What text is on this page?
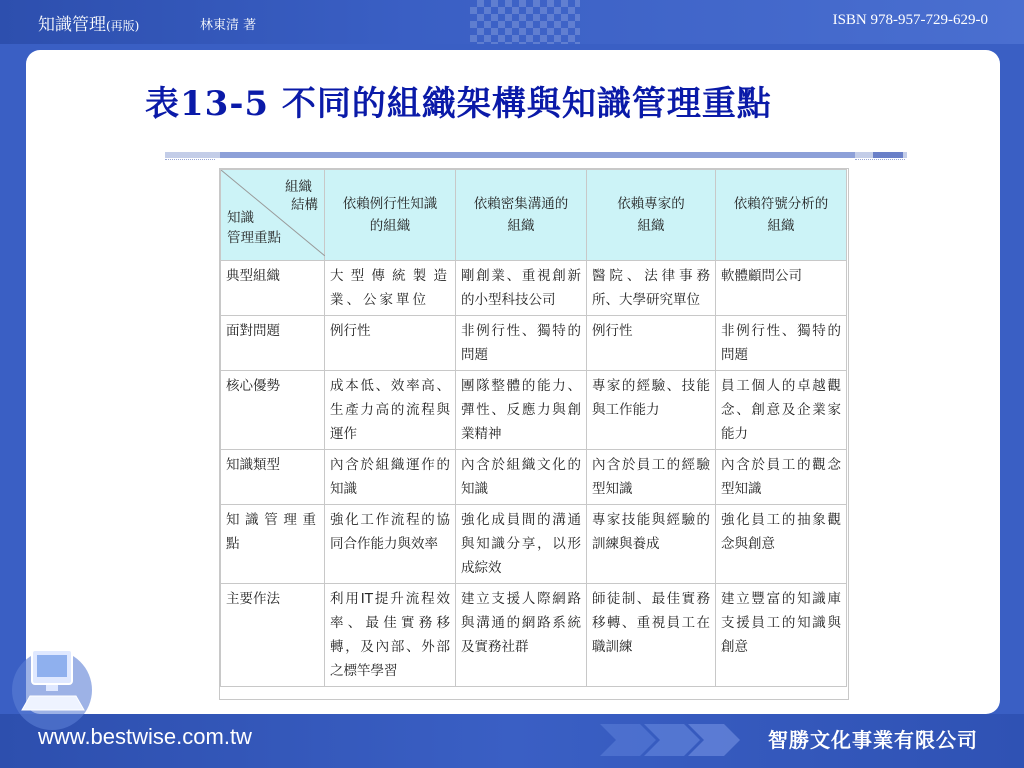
知識管理(再版)	林東清 著	ISBN 978-957-729-629-0
表13-5 不同的組織架構與知識管理重點
組織
結構
知識
管理重點	依賴例行性知識的組織	依賴密集溝通的組織	依賴專家的組織	依賴符號分析的組織

典型組織	大型傳統製造業、公家單位	剛創業、重視創新的小型科技公司	醫院、法律事務所、大學研究單位	軟體顧問公司
面對問題	例行性	非例行性、獨特的問題	例行性	非例行性、獨特的問題
核心優勢	成本低、效率高、生產力高的流程與運作	團隊整體的能力、彈性、反應力與創業精神	專家的經驗、技能與工作能力	員工個人的卓越觀念、創意及企業家能力
知識類型	內含於組織運作的知識	內含於組織文化的知識	內含於員工的經驗型知識	內含於員工的觀念型知識
知識管理重點	強化工作流程的協同合作能力與效率	強化成員間的溝通與知識分享，以形成綜效	專家技能與經驗的訓練與養成	強化員工的抽象觀念與創意
主要作法	利用IT提升流程效率、最佳實務移轉，及內部、外部之標竿學習	建立支援人際網路與溝通的網路系統及實務社群	師徒制、最佳實務移轉、重視員工在職訓練	建立豐富的知識庫支援員工的知識與創意
www.bestwise.com.tw	智勝文化事業有限公司
